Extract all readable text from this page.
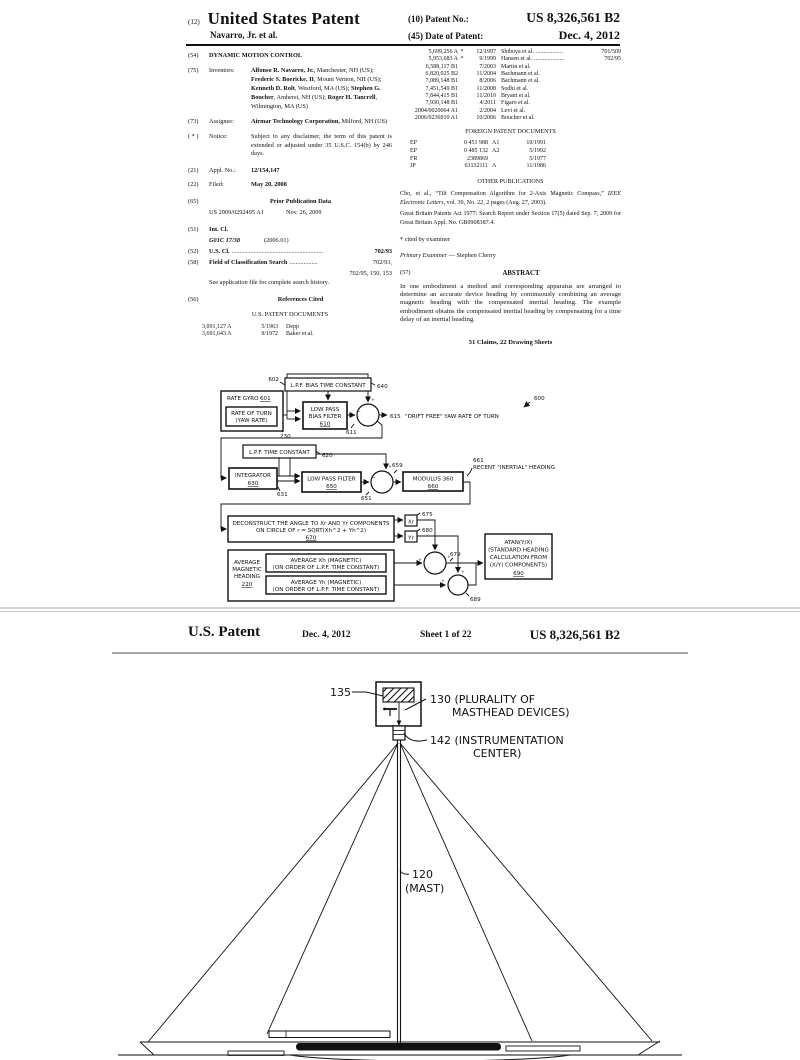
(12) United States Patent
Navarro, Jr. et al.
(10) Patent No.:	US 8,326,561 B2
(45) Date of Patent:	Dec. 4, 2012
(54)	DYNAMIC MOTION CONTROL
(75)	Inventors:	Alfonso R. Navarro, Jr., Manchester, NH (US); Frederic S. Boericke, II, Mount Vernon, NH (US); Kenneth D. Rolt, Westford, MA (US); Stephen G. Boucher, Amherst, NH (US); Roger H. Tancrell, Wilmington, MA (US)
(73)	Assignee:	Airmar Technology Corporation, Milford, NH (US)
( * )	Notice:	Subject to any disclaimer, the term of this patent is extended or adjusted under 35 U.S.C. 154(b) by 246 days.
(21)	Appl. No.:	12/154,147
(22)	Filed:	May 20, 2008
(65)	Prior Publication Data
US 2009/0292495 A1	Nov. 26, 2009
(51)	Int. Cl.
G01C 17/38	(2006.01)
(52)	U.S. Cl. ..........................................................	702/93
(58)	Field of Classification Search ..................	702/93,
702/95, 150, 153
See application file for complete search history.
(56)	References Cited
U.S. PATENT DOCUMENTS
3,091,127 A	5/1963 Depp
3,691,643 A	9/1972 Baker et al.
5,699,256 A *	12/1997 Shibuya et al. ..................	701/509
5,953,683 A *	9/1999 Hansen et al. ....................	702/95
6,588,117 B1	7/2003 Martin et al.
6,820,025 B2	11/2004 Bachmann et al.
7,089,148 B1	8/2006 Bachmann et al.
7,451,549 B1	11/2008 Sodhi et al.
7,844,415 B1	11/2010 Bryant et al.
7,930,148 B1	4/2011 Figaro et al.
2004/0020064 A1	2/2004 Levi et al.
2006/0236910 A1	10/2006 Boucher et al.
FOREIGN PATENT DOCUMENTS
EP	0 451 988 A1	10/1991
EP	0 485 132 A2	5/1992
FR	2389869	5/1977
JP	63132111 A	11/1986
OTHER PUBLICATIONS
Cho, et al., “Tilt Compensation Algorithm for 2-Axis Magnetic Compass,” IEEE Electronic Letters, vol. 39, No. 22, 2 pages (Aug. 27, 2003).
Great Britain Patents Act 1977: Search Report under Section 17(5) dated Sep. 7, 2009 for Great Britain Appl. No. GB0908387.4.
* cited by examiner
Primary Examiner — Stephen Cherry
(57)	ABSTRACT
In one embodiment a method and corresponding apparatus are arranged to determine an accurate device heading by continuously combining an average magnetic heading with the compensated inertial heading. The example embodiment obtains the compensated inertial heading by compensating for a time delay of an inertial heading.
31 Claims, 22 Drawing Sheets
L.P.F. BIAS TIME CONSTANT
602
640
RATE GYRO 601
RATE OF TURN
(YAW RATE)
230
LOW PASS
BIAS FILTER
610
611
615 "DRIFT FREE" YAW RATE OF TURN
600
L.P.F. TIME CONSTANT 620
INTEGRATOR
630
631
LOW PASS FILTER
650
651
659
MODULUS 360
660
661
RECENT "INERTIAL" HEADING
DECONSTRUCT THE ANGLE TO Xr AND Yr COMPONENTS
ON CIRCLE OF r = SQRT(Xh^2 + Yh^2)
670
Xr
675
Yr
680
AVERAGE
MAGNETIC
HEADING
220
AVERAGE Xh (MAGNETIC)
(ON ORDER OF L.P.F. TIME CONSTANT)
AVERAGE Yh (MAGNETIC)
(ON ORDER OF L.P.F. TIME CONSTANT)
679
689
ATAN(Y/X)
(STANDARD HEADING
CALCULATION FROM
(X/Y) COMPONENTS)
690
−
+
−
+
+
+
+
+
U.S. Patent	Dec. 4, 2012	Sheet 1 of 22	US 8,326,561 B2
135
130 (PLURALITY OF
MASTHEAD DEVICES)
142 (INSTRUMENTATION
CENTER)
120
(MAST)
